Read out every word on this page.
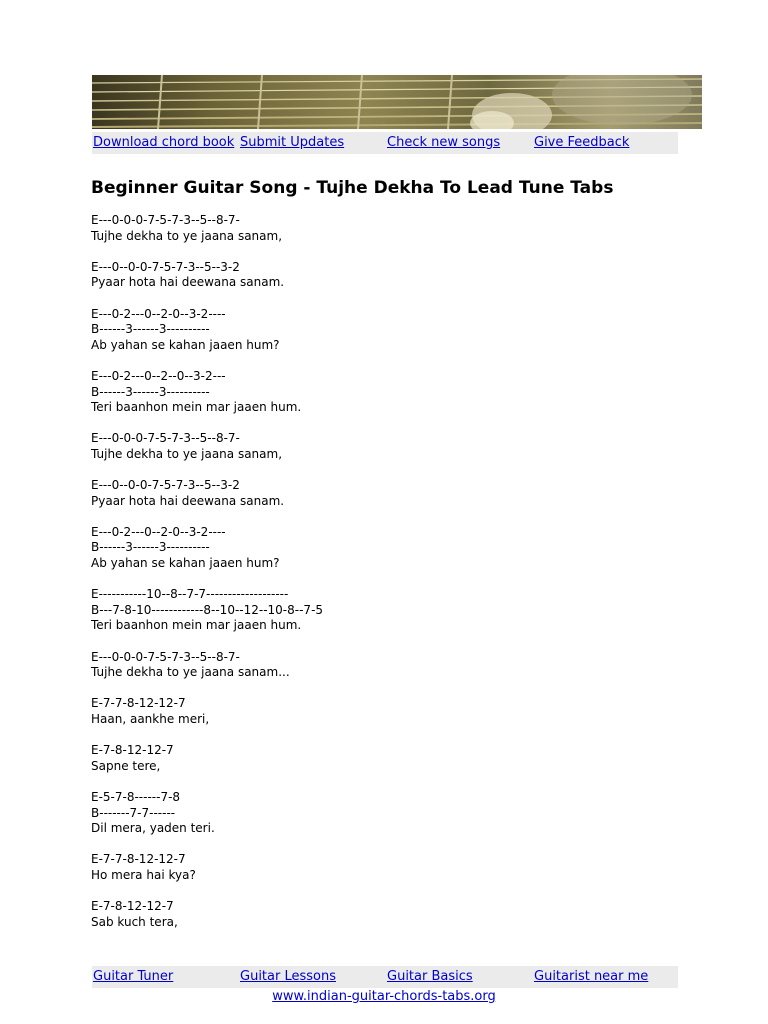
Download chord book Submit Updates	Check new songs	Give Feedback
Beginner Guitar Song - Tujhe Dekha To Lead Tune Tabs
E---0-0-0-7-5-7-3--5--8-7-
Tujhe dekha to ye jaana sanam,
E---0--0-0-7-5-7-3--5--3-2
Pyaar hota hai deewana sanam.
E---0-2---0--2-0--3-2----
B------3------3----------
Ab yahan se kahan jaaen hum?
E---0-2---0--2--0--3-2---
B------3------3----------
Teri baanhon mein mar jaaen hum.
E---0-0-0-7-5-7-3--5--8-7-
Tujhe dekha to ye jaana sanam,
E---0--0-0-7-5-7-3--5--3-2
Pyaar hota hai deewana sanam.
E---0-2---0--2-0--3-2----
B------3------3----------
Ab yahan se kahan jaaen hum?
E-----------10--8--7-7-------------------
B---7-8-10------------8--10--12--10-8--7-5
Teri baanhon mein mar jaaen hum.
E---0-0-0-7-5-7-3--5--8-7-
Tujhe dekha to ye jaana sanam...
E-7-7-8-12-12-7
Haan, aankhe meri,
E-7-8-12-12-7
Sapne tere,
E-5-7-8------7-8
B-------7-7------
Dil mera, yaden teri.
E-7-7-8-12-12-7
Ho mera hai kya?
E-7-8-12-12-7
Sab kuch tera,
Guitar Tuner	Guitar Lessons	Guitar Basics	Guitarist near me
www.indian-guitar-chords-tabs.org
